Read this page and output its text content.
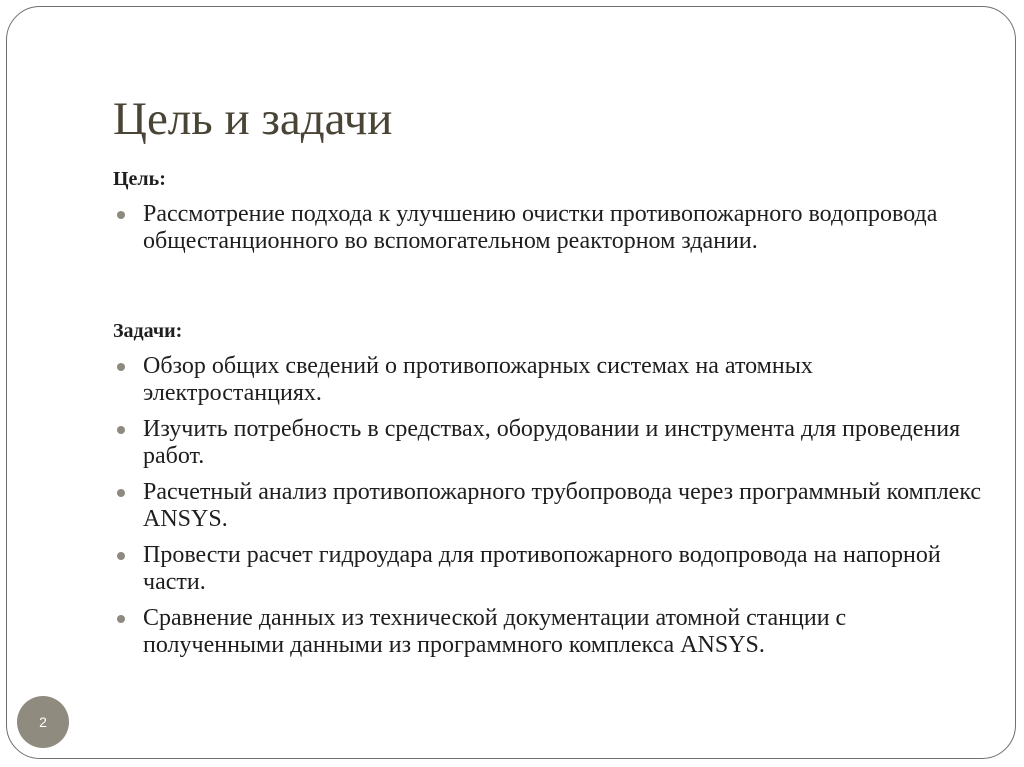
Цель и задачи

Цель:

Рассмотрение подхода к улучшению очистки противопожарного водопровода общестанционного во вспомогательном реакторном здании.

Задачи:

Обзор общих сведений о противопожарных системах на атомных электростанциях.
Изучить потребность в средствах, оборудовании и инструмента для проведения работ.
Расчетный анализ противопожарного трубопровода через программный комплекс ANSYS.
Провести расчет гидроудара для противопожарного водопровода на напорной части.
Сравнение данных из технической документации атомной станции с полученными данными из программного комплекса ANSYS.
2
